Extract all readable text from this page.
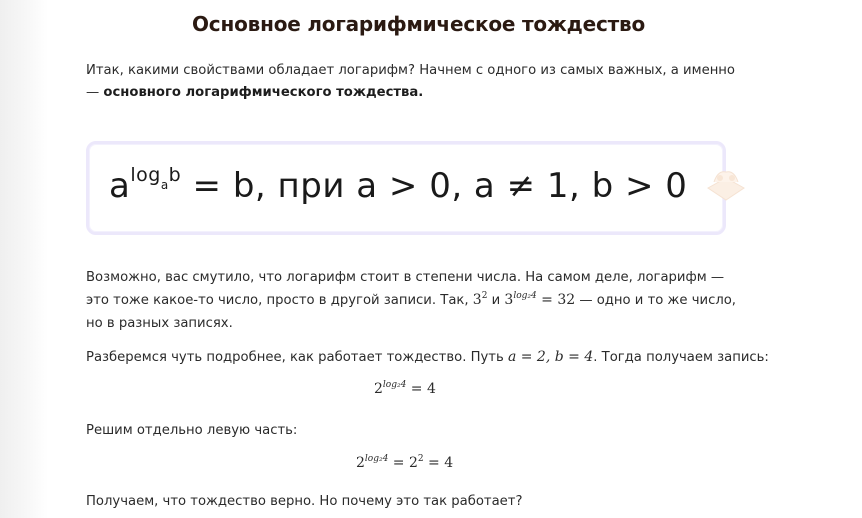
Основное логарифмическое тождество

Итак, какими свойствами обладает логарифм? Начнем с одного из самых важных, а именно — основного логарифмического тождества.

$a^{logab} = b$, при a > 0, a ≠ 1, b > 0

Возможно, вас смутило, что логарифм стоит в степени числа. На самом деле, логарифм — это тоже какое-то число, просто в другой записи. Так, $3^2$ и $3^{log_24} = 32$ — одно и то же число, но в разных записях.

Разберемся чуть подробнее, как работает тождество. Путь a = 2, b = 4. Тогда получаем запись:

$2^{log_24} = 4$

Решим отдельно левую часть:

$2^{log_24} = 2^2 = 4$

Получаем, что тождество верно. Но почему это так работает?
